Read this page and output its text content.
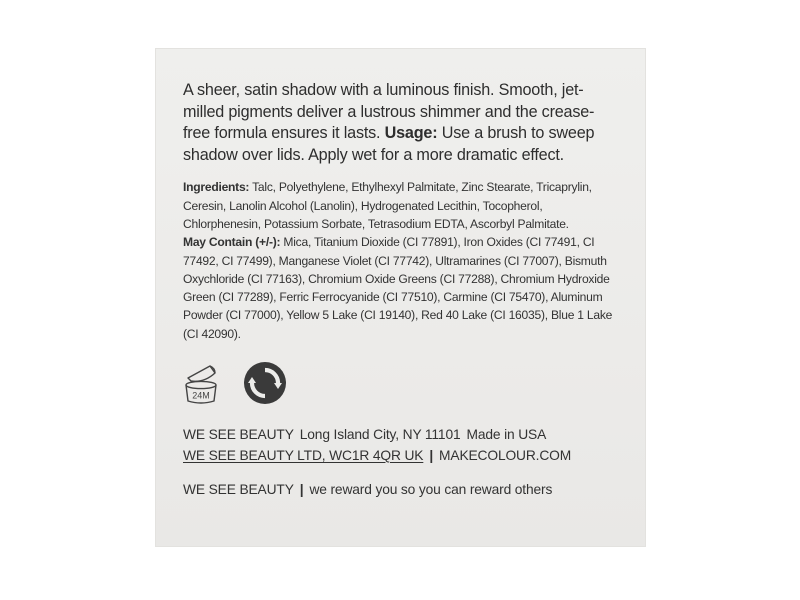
A sheer, satin shadow with a luminous finish. Smooth, jet-milled pigments deliver a lustrous shimmer and the crease-free formula ensures it lasts. Usage: Use a brush to sweep shadow over lids. Apply wet for a more dramatic effect.

Ingredients: Talc, Polyethylene, Ethylhexyl Palmitate, Zinc Stearate, Tricaprylin, Ceresin, Lanolin Alcohol (Lanolin), Hydrogenated Lecithin, Tocopherol, Chlorphenesin, Potassium Sorbate, Tetrasodium EDTA, Ascorbyl Palmitate.
May Contain (+/-): Mica, Titanium Dioxide (CI 77891), Iron Oxides (CI 77491, CI 77492, CI 77499), Manganese Violet (CI 77742), Ultramarines (CI 77007), Bismuth Oxychloride (CI 77163), Chromium Oxide Greens (CI 77288), Chromium Hydroxide Green (CI 77289), Ferric Ferrocyanide (CI 77510), Carmine (CI 75470), Aluminum Powder (CI 77000), Yellow 5 Lake (CI 19140), Red 40 Lake (CI 16035), Blue 1 Lake (CI 42090).

24M
WE SEE BEAUTY Long Island City, NY 11101 Made in USA
WE SEE BEAUTY LTD, WC1R 4QR UK | MAKECOLOUR.COM
WE SEE BEAUTY | we reward you so you can reward others
